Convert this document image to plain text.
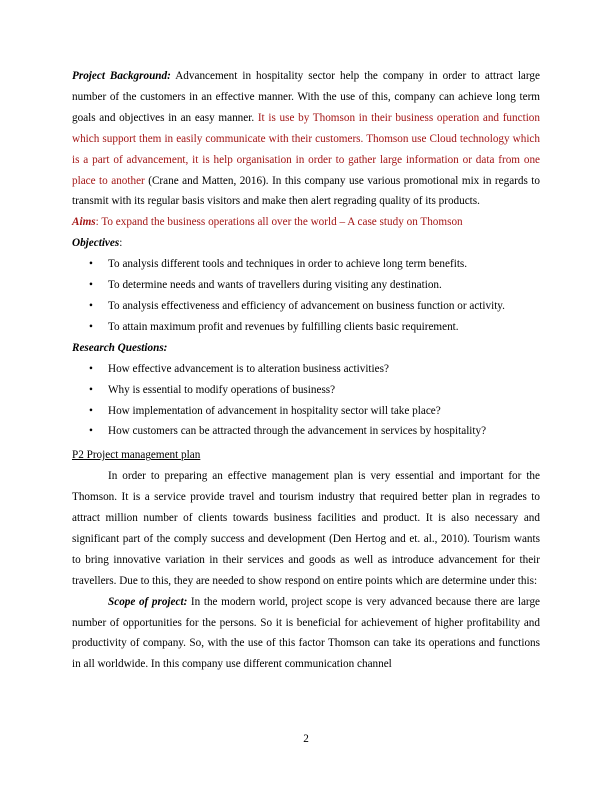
Project Background: Advancement in hospitality sector help the company in order to attract large number of the customers in an effective manner. With the use of this, company can achieve long term goals and objectives in an easy manner. It is use by Thomson in their business operation and function which support them in easily communicate with their customers. Thomson use Cloud technology which is a part of advancement, it is help organisation in order to gather large information or data from one place to another (Crane and Matten, 2016). In this company use various promotional mix in regards to transmit with its regular basis visitors and make then alert regrading quality of its products.

Aims: To expand the business operations all over the world – A case study on Thomson

Objectives:

• To analysis different tools and techniques in order to achieve long term benefits.
• To determine needs and wants of travellers during visiting any destination.
• To analysis effectiveness and efficiency of advancement on business function or activity.
• To attain maximum profit and revenues by fulfilling clients basic requirement.

Research Questions:

• How effective advancement is to alteration business activities?
• Why is essential to modify operations of business?
• How implementation of advancement in hospitality sector will take place?
• How customers can be attracted through the advancement in services by hospitality?

P2 Project management plan

In order to preparing an effective management plan is very essential and important for the Thomson. It is a service provide travel and tourism industry that required better plan in regrades to attract million number of clients towards business facilities and product. It is also necessary and significant part of the comply success and development (Den Hertog and et. al., 2010). Tourism wants to bring innovative variation in their services and goods as well as introduce advancement for their travellers. Due to this, they are needed to show respond on entire points which are determine under this:

Scope of project: In the modern world, project scope is very advanced because there are large number of opportunities for the persons. So it is beneficial for achievement of higher profitability and productivity of company. So, with the use of this factor Thomson can take its operations and functions in all worldwide. In this company use different communication channel

2
